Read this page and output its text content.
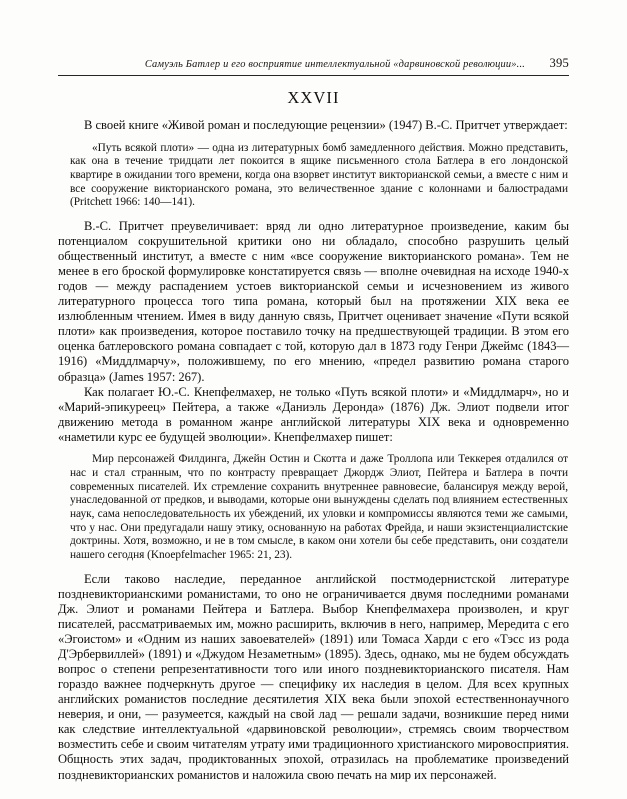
Самуэль Батлер и его восприятие интеллектуальной «дарвиновской революции»...	395
XXVII

В своей книге «Живой роман и последующие рецензии» (1947) В.-С. Притчет утверждает:

«Путь всякой плоти» — одна из литературных бомб замедленного действия. Можно представить, как она в течение тридцати лет покоится в ящике письменного стола Батлера в его лондонской квартире в ожидании того времени, когда она взорвет институт викторианской семьи, а вместе с ним и все сооружение викторианского романа, это величественное здание с колоннами и балюстрадами (Pritchett 1966: 140—141).

В.-С. Притчет преувеличивает: вряд ли одно литературное произведение, каким бы потенциалом сокрушительной критики оно ни обладало, способно разрушить целый общественный институт, а вместе с ним «все сооружение викторианского романа». Тем не менее в его броской формулировке констатируется связь — вполне очевидная на исходе 1940-х годов — между распадением устоев викторианской семьи и исчезновением из живого литературного процесса того типа романа, который был на протяжении XIX века ее излюбленным чтением. Имея в виду данную связь, Притчет оценивает значение «Пути всякой плоти» как произведения, которое поставило точку на предшествующей традиции. В этом его оценка батлеровского романа совпадает с той, которую дал в 1873 году Генри Джеймс (1843—1916) «Миддлмарчу», положившему, по его мнению, «предел развитию романа старого образца» (James 1957: 267).

Как полагает Ю.-С. Кнепфелмахер, не только «Путь всякой плоти» и «Миддлмарч», но и «Марий-эпикуреец» Пейтера, а также «Даниэль Деронда» (1876) Дж. Элиот подвели итог движению метода в романном жанре английской литературы XIX века и одновременно «наметили курс ее будущей эволюции». Кнепфелмахер пишет:

Мир персонажей Филдинга, Джейн Остин и Скотта и даже Троллопа или Теккерея отдалился от нас и стал странным, что по контрасту превращает Джордж Элиот, Пейтера и Батлера в почти современных писателей. Их стремление сохранить внутреннее равновесие, балансируя между верой, унаследованной от предков, и выводами, которые они вынуждены сделать под влиянием естественных наук, сама непоследовательность их убеждений, их уловки и компромиссы являются теми же самыми, что у нас. Они предугадали нашу этику, основанную на работах Фрейда, и наши экзистенциалистские доктрины. Хотя, возможно, и не в том смысле, в каком они хотели бы себе представить, они создатели нашего сегодня (Knoepfelmacher 1965: 21, 23).

Если таково наследие, переданное английской постмодернистской литературе поздневикторианскими романистами, то оно не ограничивается двумя последними романами Дж. Элиот и романами Пейтера и Батлера. Выбор Кнепфелмахера произволен, и круг писателей, рассматриваемых им, можно расширить, включив в него, например, Мередита с его «Эгоистом» и «Одним из наших завоевателей» (1891) или Томаса Харди с его «Тэсс из рода Д'Эрбервиллей» (1891) и «Джудом Незаметным» (1895). Здесь, однако, мы не будем обсуждать вопрос о степени репрезентативности того или иного поздневикторианского писателя. Нам гораздо важнее подчеркнуть другое — специфику их наследия в целом. Для всех крупных английских романистов последние десятилетия XIX века были эпохой естественнонаучного неверия, и они, — разумеется, каждый на свой лад — решали задачи, возникшие перед ними как следствие интеллектуальной «дарвиновской революции», стремясь своим творчеством возместить себе и своим читателям утрату ими традиционного христианского мировосприятия. Общность этих задач, продиктованных эпохой, отразилась на проблематике произведений поздневикторианских романистов и наложила свою печать на мир их персонажей.
